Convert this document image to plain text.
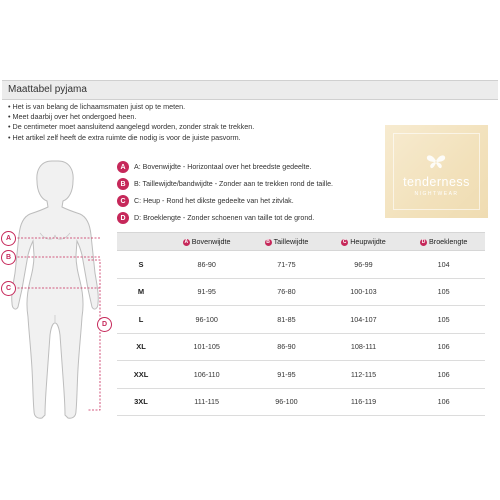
Maattabel pyjama
• Het is van belang de lichaamsmaten juist op te meten.
• Meet daarbij over het ondergoed heen.
• De centimeter moet aansluitend aangelegd worden, zonder strak te trekken.
• Het artikel zelf heeft de extra ruimte die nodig is voor de juiste pasvorm.
A
B
C
D
A	A: Bovenwijdte - Horizontaal over het breedste gedeelte.
B	B: Taillewijdte/bandwijdte - Zonder aan te trekken rond de taille.
C	C: Heup - Rond het dikste gedeelte van het zitvlak.
D	D: Broeklengte - Zonder schoenen van taille tot de grond.
tenderness
NIGHTWEAR
	A Bovenwijdte	B Taillewijdte	C Heupwijdte	D Broeklengte
S	86-90	71-75	96-99	104
M	91-95	76-80	100-103	105
L	96-100	81-85	104-107	105
XL	101-105	86-90	108-111	106
XXL	106-110	91-95	112-115	106
3XL	111-115	96-100	116-119	106
